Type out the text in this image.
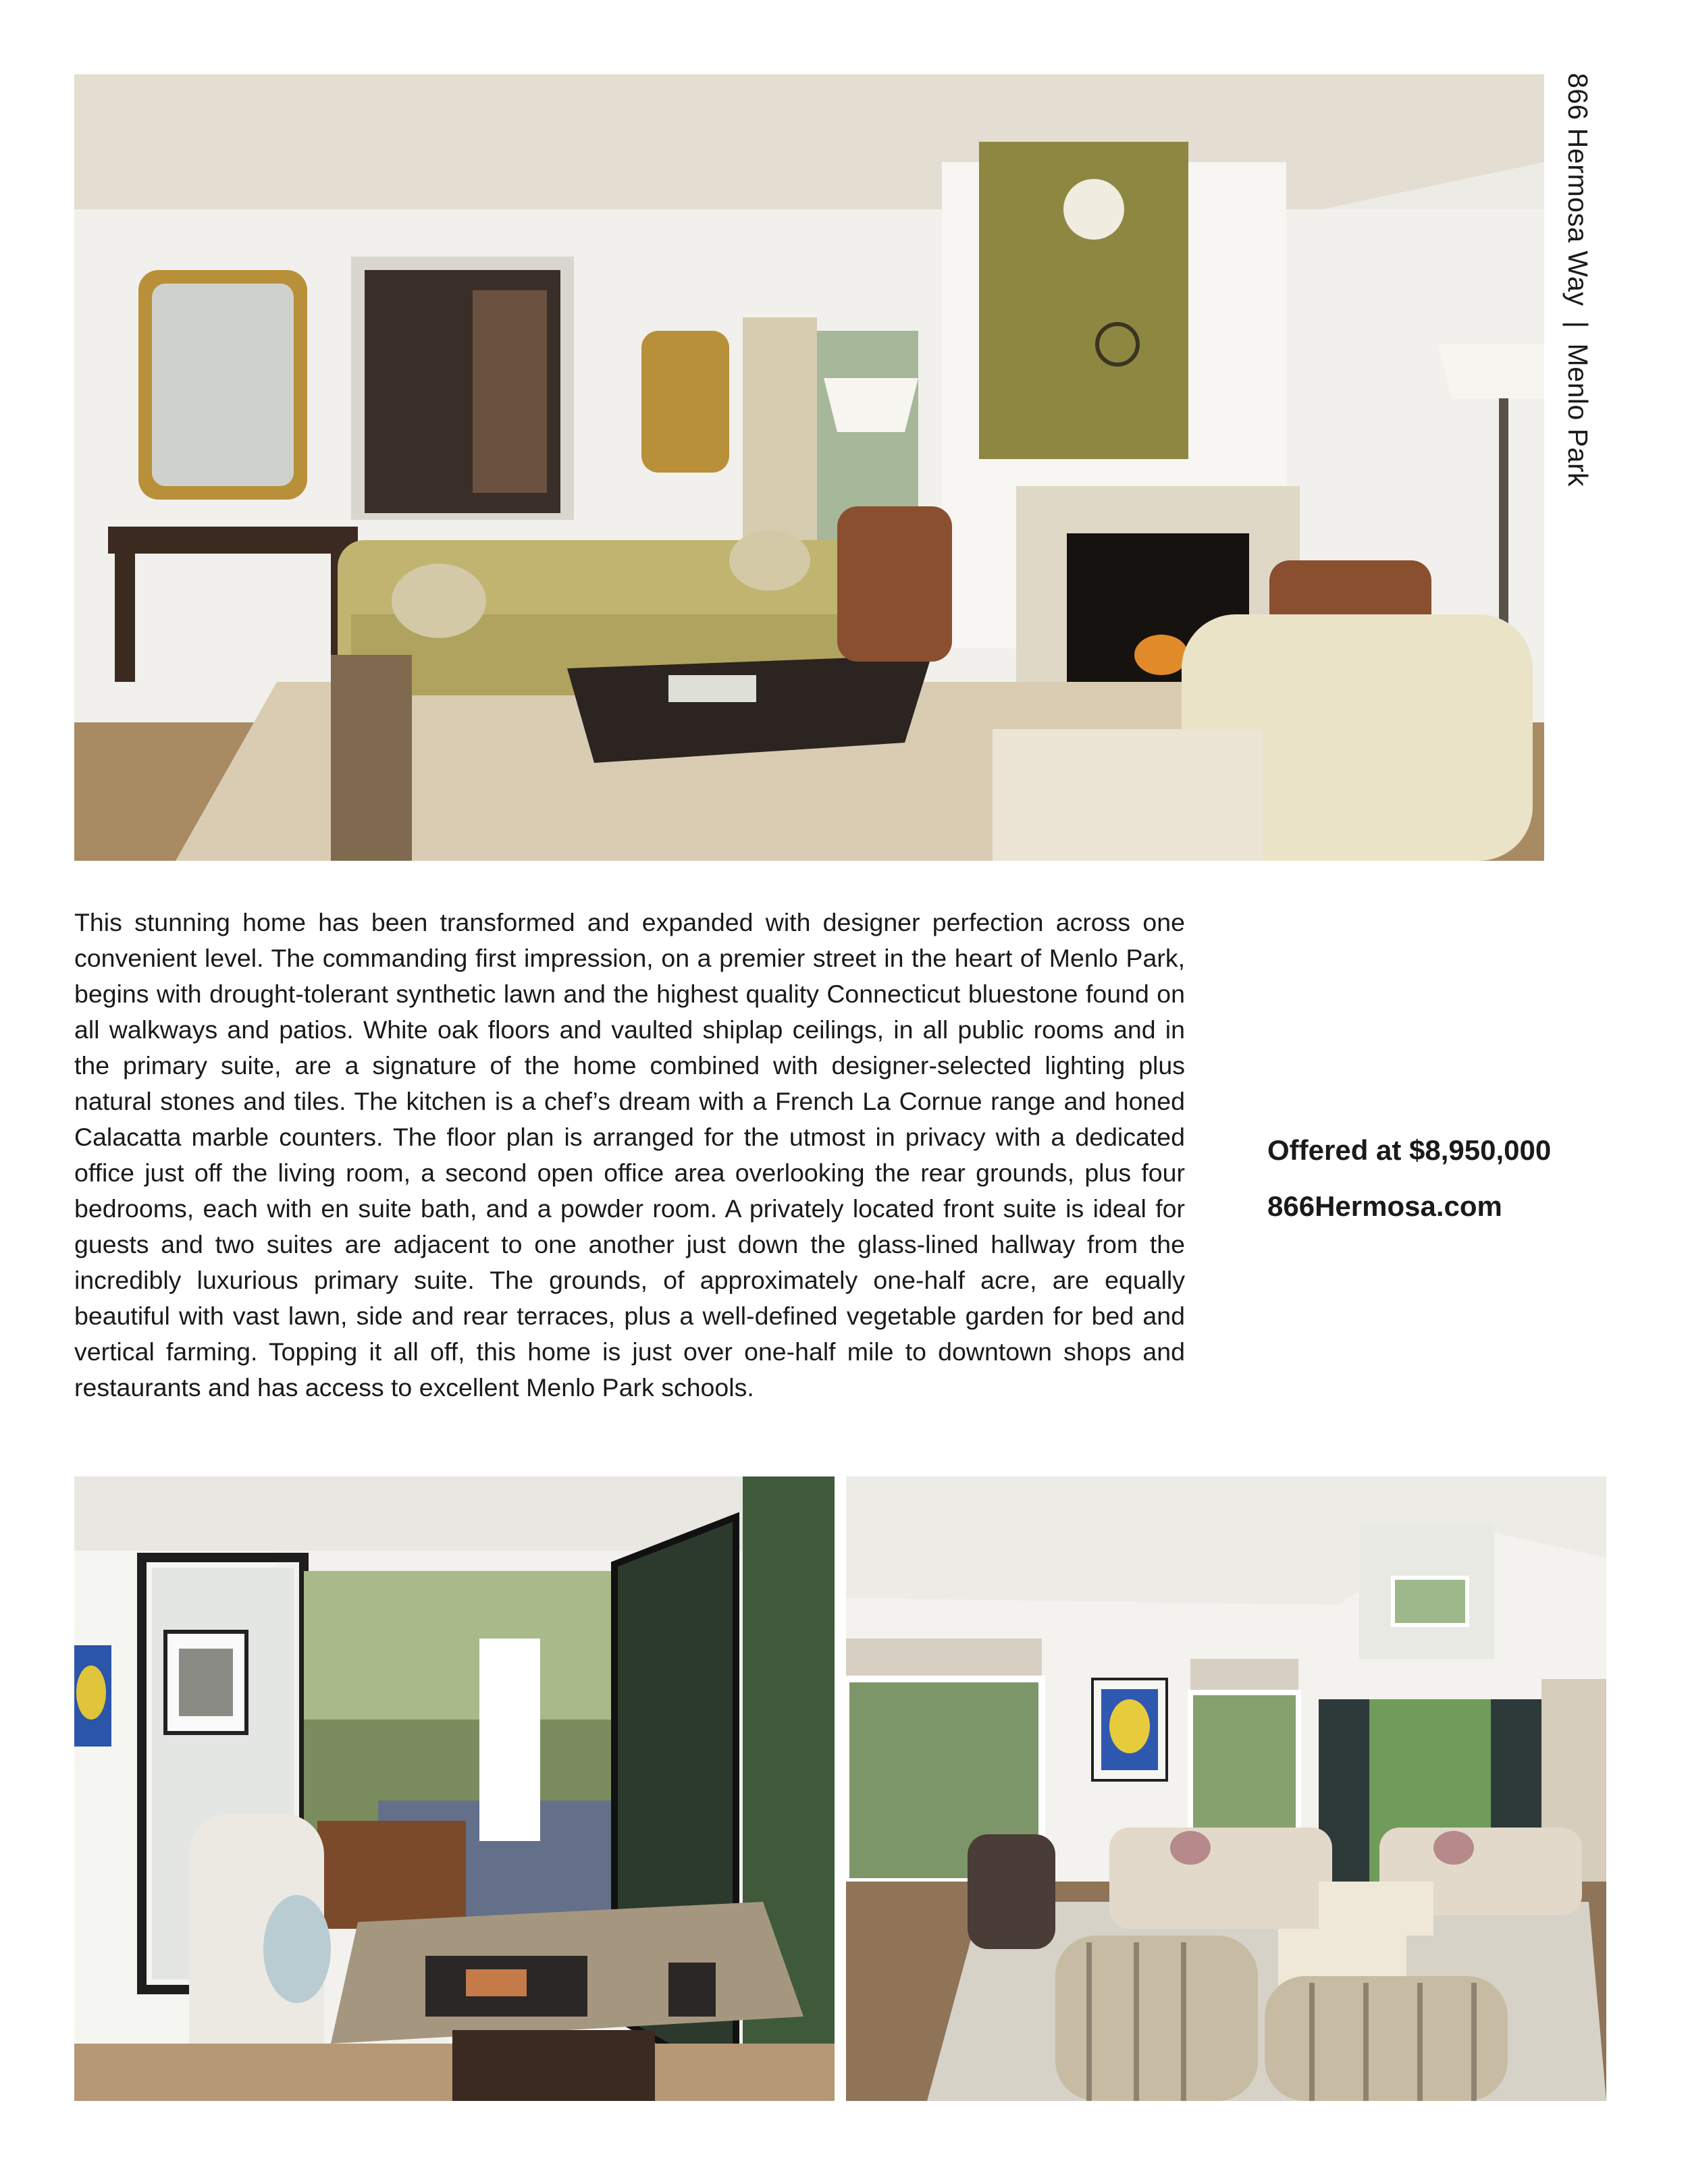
866 Hermosa Way|Menlo Park

This stunning home has been transformed and expanded with designer perfection across one convenient level. The commanding first impression, on a premier street in the heart of Menlo Park, begins with drought-tolerant synthetic lawn and the highest quality Connecticut bluestone found on all walkways and patios. White oak floors and vaulted shiplap ceilings, in all public rooms and in the primary suite, are a signature of the home combined with designer-selected lighting plus natural stones and tiles. The kitchen is a chef’s dream with a French La Cornue range and honed Calacatta marble counters. The floor plan is arranged for the utmost in privacy with a dedicated office just off the living room, a second open office area overlooking the rear grounds, plus four bedrooms, each with en suite bath, and a powder room. A privately located front suite is ideal for guests and two suites are adjacent to one another just down the glass-lined hallway from the incredibly luxurious primary suite. The grounds, of approximately one-half acre, are equally beautiful with vast lawn, side and rear terraces, plus a well-defined vegetable garden for bed and vertical farming. Topping it all off, this home is just over one-half mile to downtown shops and restaurants and has access to excellent Menlo Park schools.

Offered at $8,950,000
866Hermosa.com
